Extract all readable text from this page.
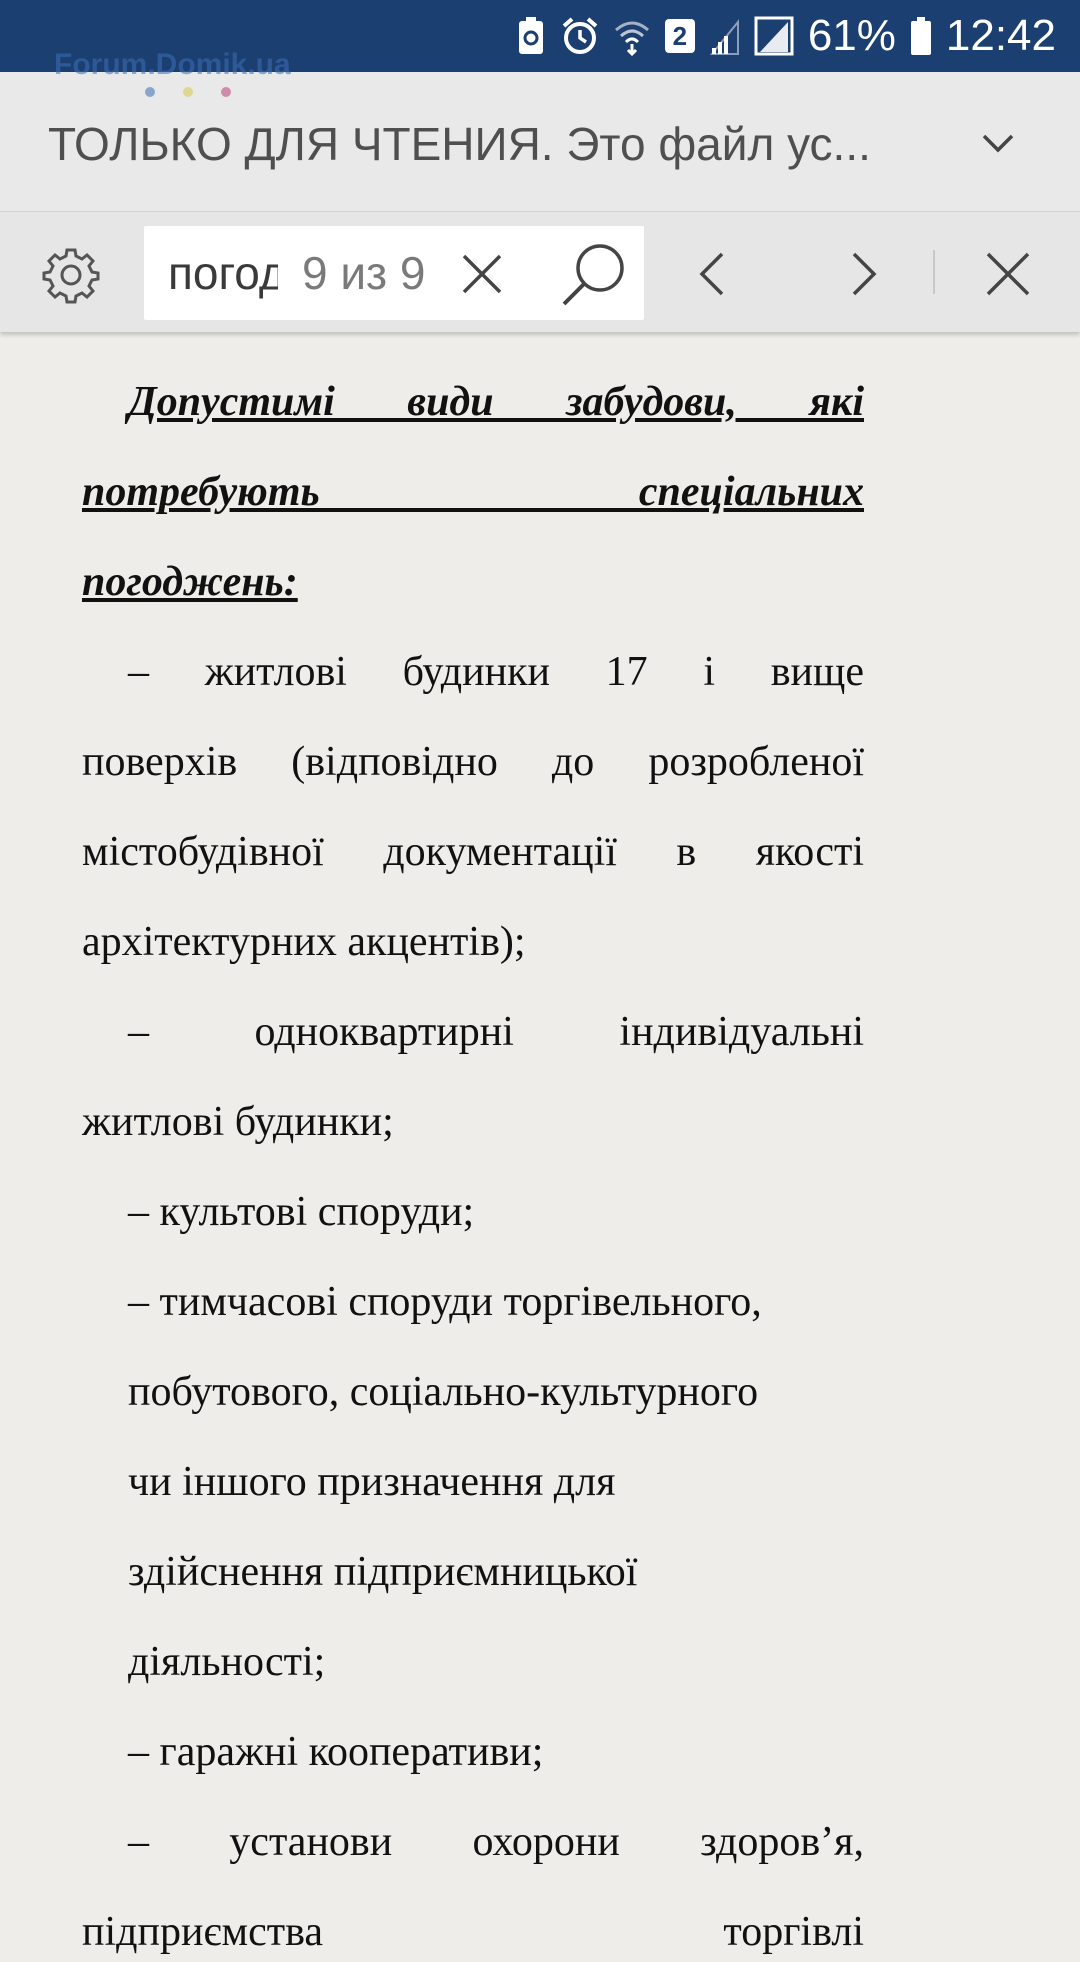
2	61% 12:42
Forum.Domik.ua
ТОЛЬКО ДЛЯ ЧТЕНИЯ. Это файл ус...
погодж
9 из 9
Допустимі види забудови, які
потребують спеціальних
погоджень:
– житлові будинки 17 і вище
поверхів (відповідно до розробленої
містобудівної документації в якості
архітектурних акцентів);
– одноквартирні індивідуальні
житлові будинки;
– культові споруди;
– тимчасові споруди торгівельного,
побутового, соціально-культурного
чи іншого призначення для
здійснення підприємницької
діяльності;
– гаражні кооперативи;
– установи охорони здоров’я,
підприємства торгівлі
